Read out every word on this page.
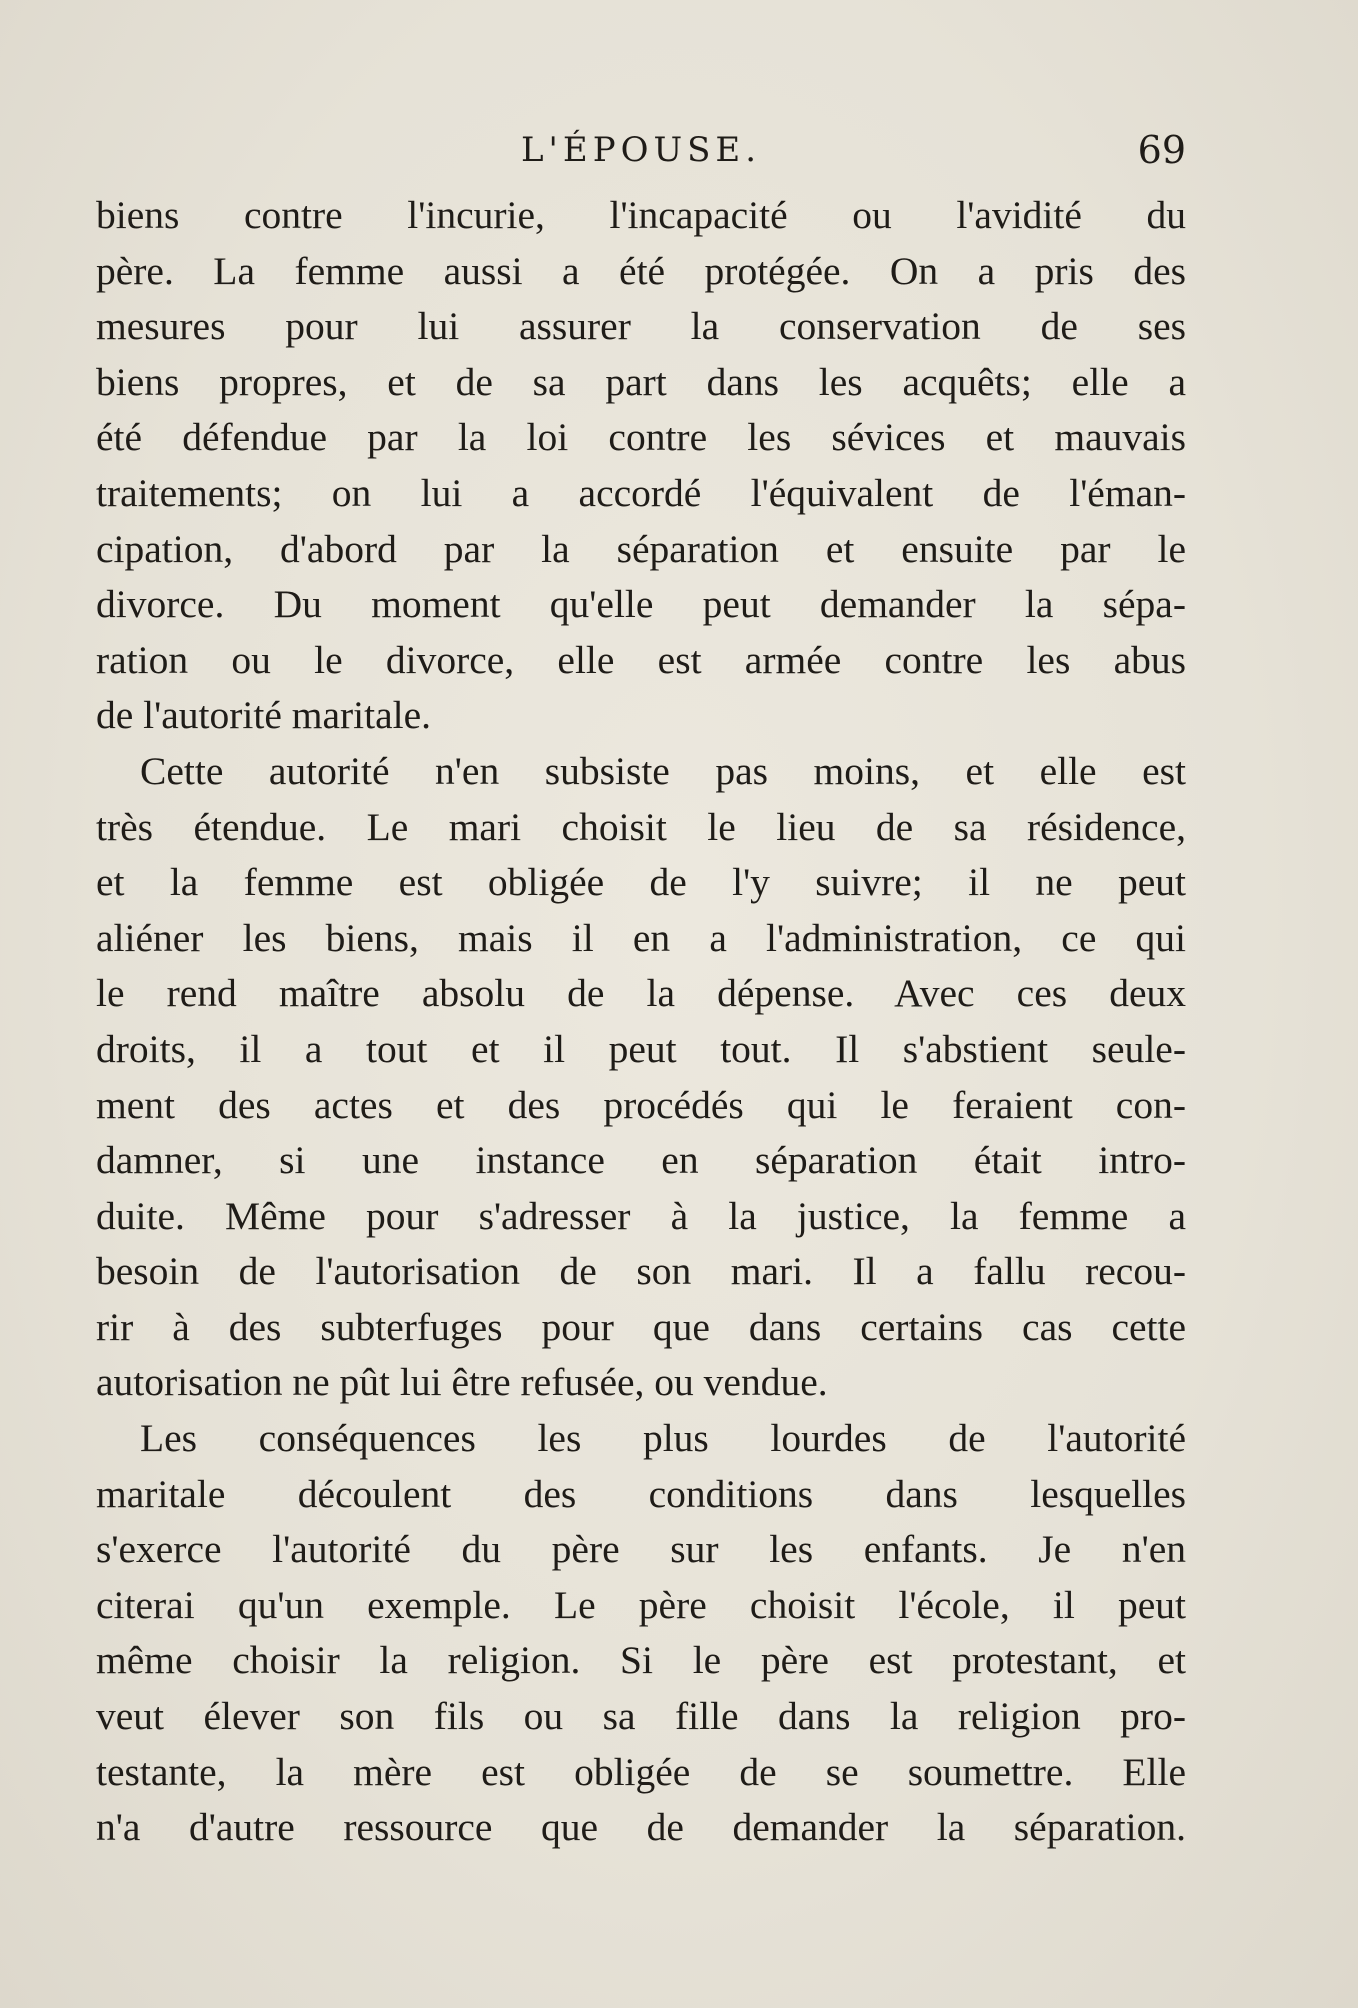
L'ÉPOUSE.	69
biens contre l'incurie, l'incapacité ou l'avidité du
père. La femme aussi a été protégée. On a pris des
mesures pour lui assurer la conservation de ses
biens propres, et de sa part dans les acquêts; elle a
été défendue par la loi contre les sévices et mauvais
traitements; on lui a accordé l'équivalent de l'éman-
cipation, d'abord par la séparation et ensuite par le
divorce. Du moment qu'elle peut demander la sépa-
ration ou le divorce, elle est armée contre les abus
de l'autorité maritale.
Cette autorité n'en subsiste pas moins, et elle est
très étendue. Le mari choisit le lieu de sa résidence,
et la femme est obligée de l'y suivre; il ne peut
aliéner les biens, mais il en a l'administration, ce qui
le rend maître absolu de la dépense. Avec ces deux
droits, il a tout et il peut tout. Il s'abstient seule-
ment des actes et des procédés qui le feraient con-
damner, si une instance en séparation était intro-
duite. Même pour s'adresser à la justice, la femme a
besoin de l'autorisation de son mari. Il a fallu recou-
rir à des subterfuges pour que dans certains cas cette
autorisation ne pût lui être refusée, ou vendue.
Les conséquences les plus lourdes de l'autorité
maritale découlent des conditions dans lesquelles
s'exerce l'autorité du père sur les enfants. Je n'en
citerai qu'un exemple. Le père choisit l'école, il peut
même choisir la religion. Si le père est protestant, et
veut élever son fils ou sa fille dans la religion pro-
testante, la mère est obligée de se soumettre. Elle
n'a d'autre ressource que de demander la séparation.
